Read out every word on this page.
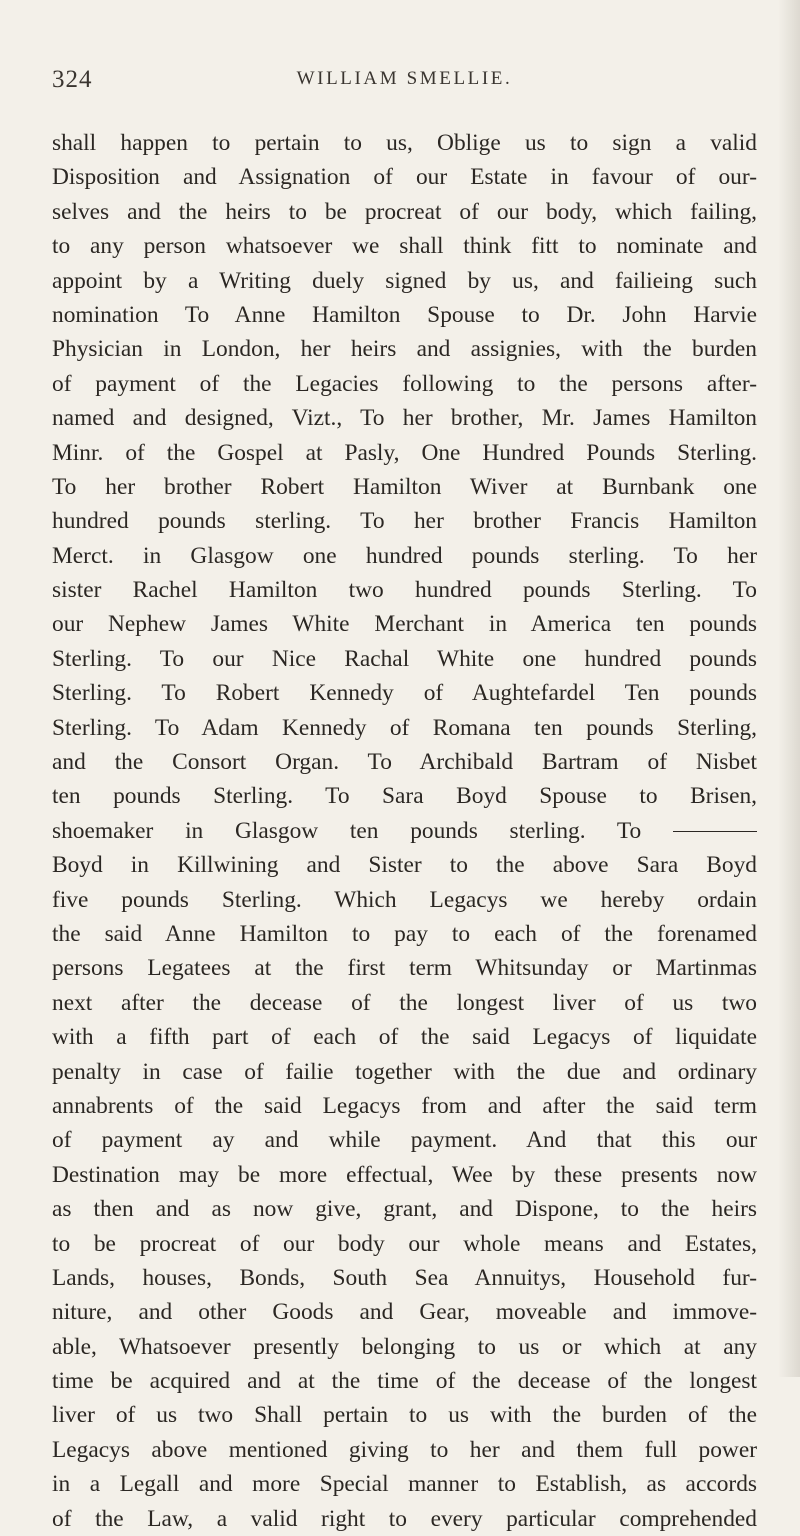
324	WILLIAM SMELLIE.
shall happen to pertain to us, Oblige us to sign a valid
Disposition and Assignation of our Estate in favour of our-
selves and the heirs to be procreat of our body, which failing,
to any person whatsoever we shall think fitt to nominate and
appoint by a Writing duely signed by us, and failieing such
nomination To Anne Hamilton Spouse to Dr. John Harvie
Physician in London, her heirs and assignies, with the burden
of payment of the Legacies following to the persons after-
named and designed, Vizt., To her brother, Mr. James Hamilton
Minr. of the Gospel at Pasly, One Hundred Pounds Sterling.
To her brother Robert Hamilton Wiver at Burnbank one
hundred pounds sterling. To her brother Francis Hamilton
Merct. in Glasgow one hundred pounds sterling. To her
sister Rachel Hamilton two hundred pounds Sterling. To
our Nephew James White Merchant in America ten pounds
Sterling. To our Nice Rachal White one hundred pounds
Sterling. To Robert Kennedy of Aughtefardel Ten pounds
Sterling. To Adam Kennedy of Romana ten pounds Sterling,
and the Consort Organ. To Archibald Bartram of Nisbet
ten pounds Sterling. To Sara Boyd Spouse to Brisen,
shoemaker in Glasgow ten pounds sterling. To
Boyd in Killwining and Sister to the above Sara Boyd
five pounds Sterling. Which Legacys we hereby ordain
the said Anne Hamilton to pay to each of the forenamed
persons Legatees at the first term Whitsunday or Martinmas
next after the decease of the longest liver of us two
with a fifth part of each of the said Legacys of liquidate
penalty in case of failie together with the due and ordinary
annabrents of the said Legacys from and after the said term
of payment ay and while payment. And that this our
Destination may be more effectual, Wee by these presents now
as then and as now give, grant, and Dispone, to the heirs
to be procreat of our body our whole means and Estates,
Lands, houses, Bonds, South Sea Annuitys, Household fur-
niture, and other Goods and Gear, moveable and immove-
able, Whatsoever presently belonging to us or which at any
time be acquired and at the time of the decease of the longest
liver of us two Shall pertain to us with the burden of the
Legacys above mentioned giving to her and them full power
in a Legall and more Special manner to Establish, as accords
of the Law, a valid right to every particular comprehended
